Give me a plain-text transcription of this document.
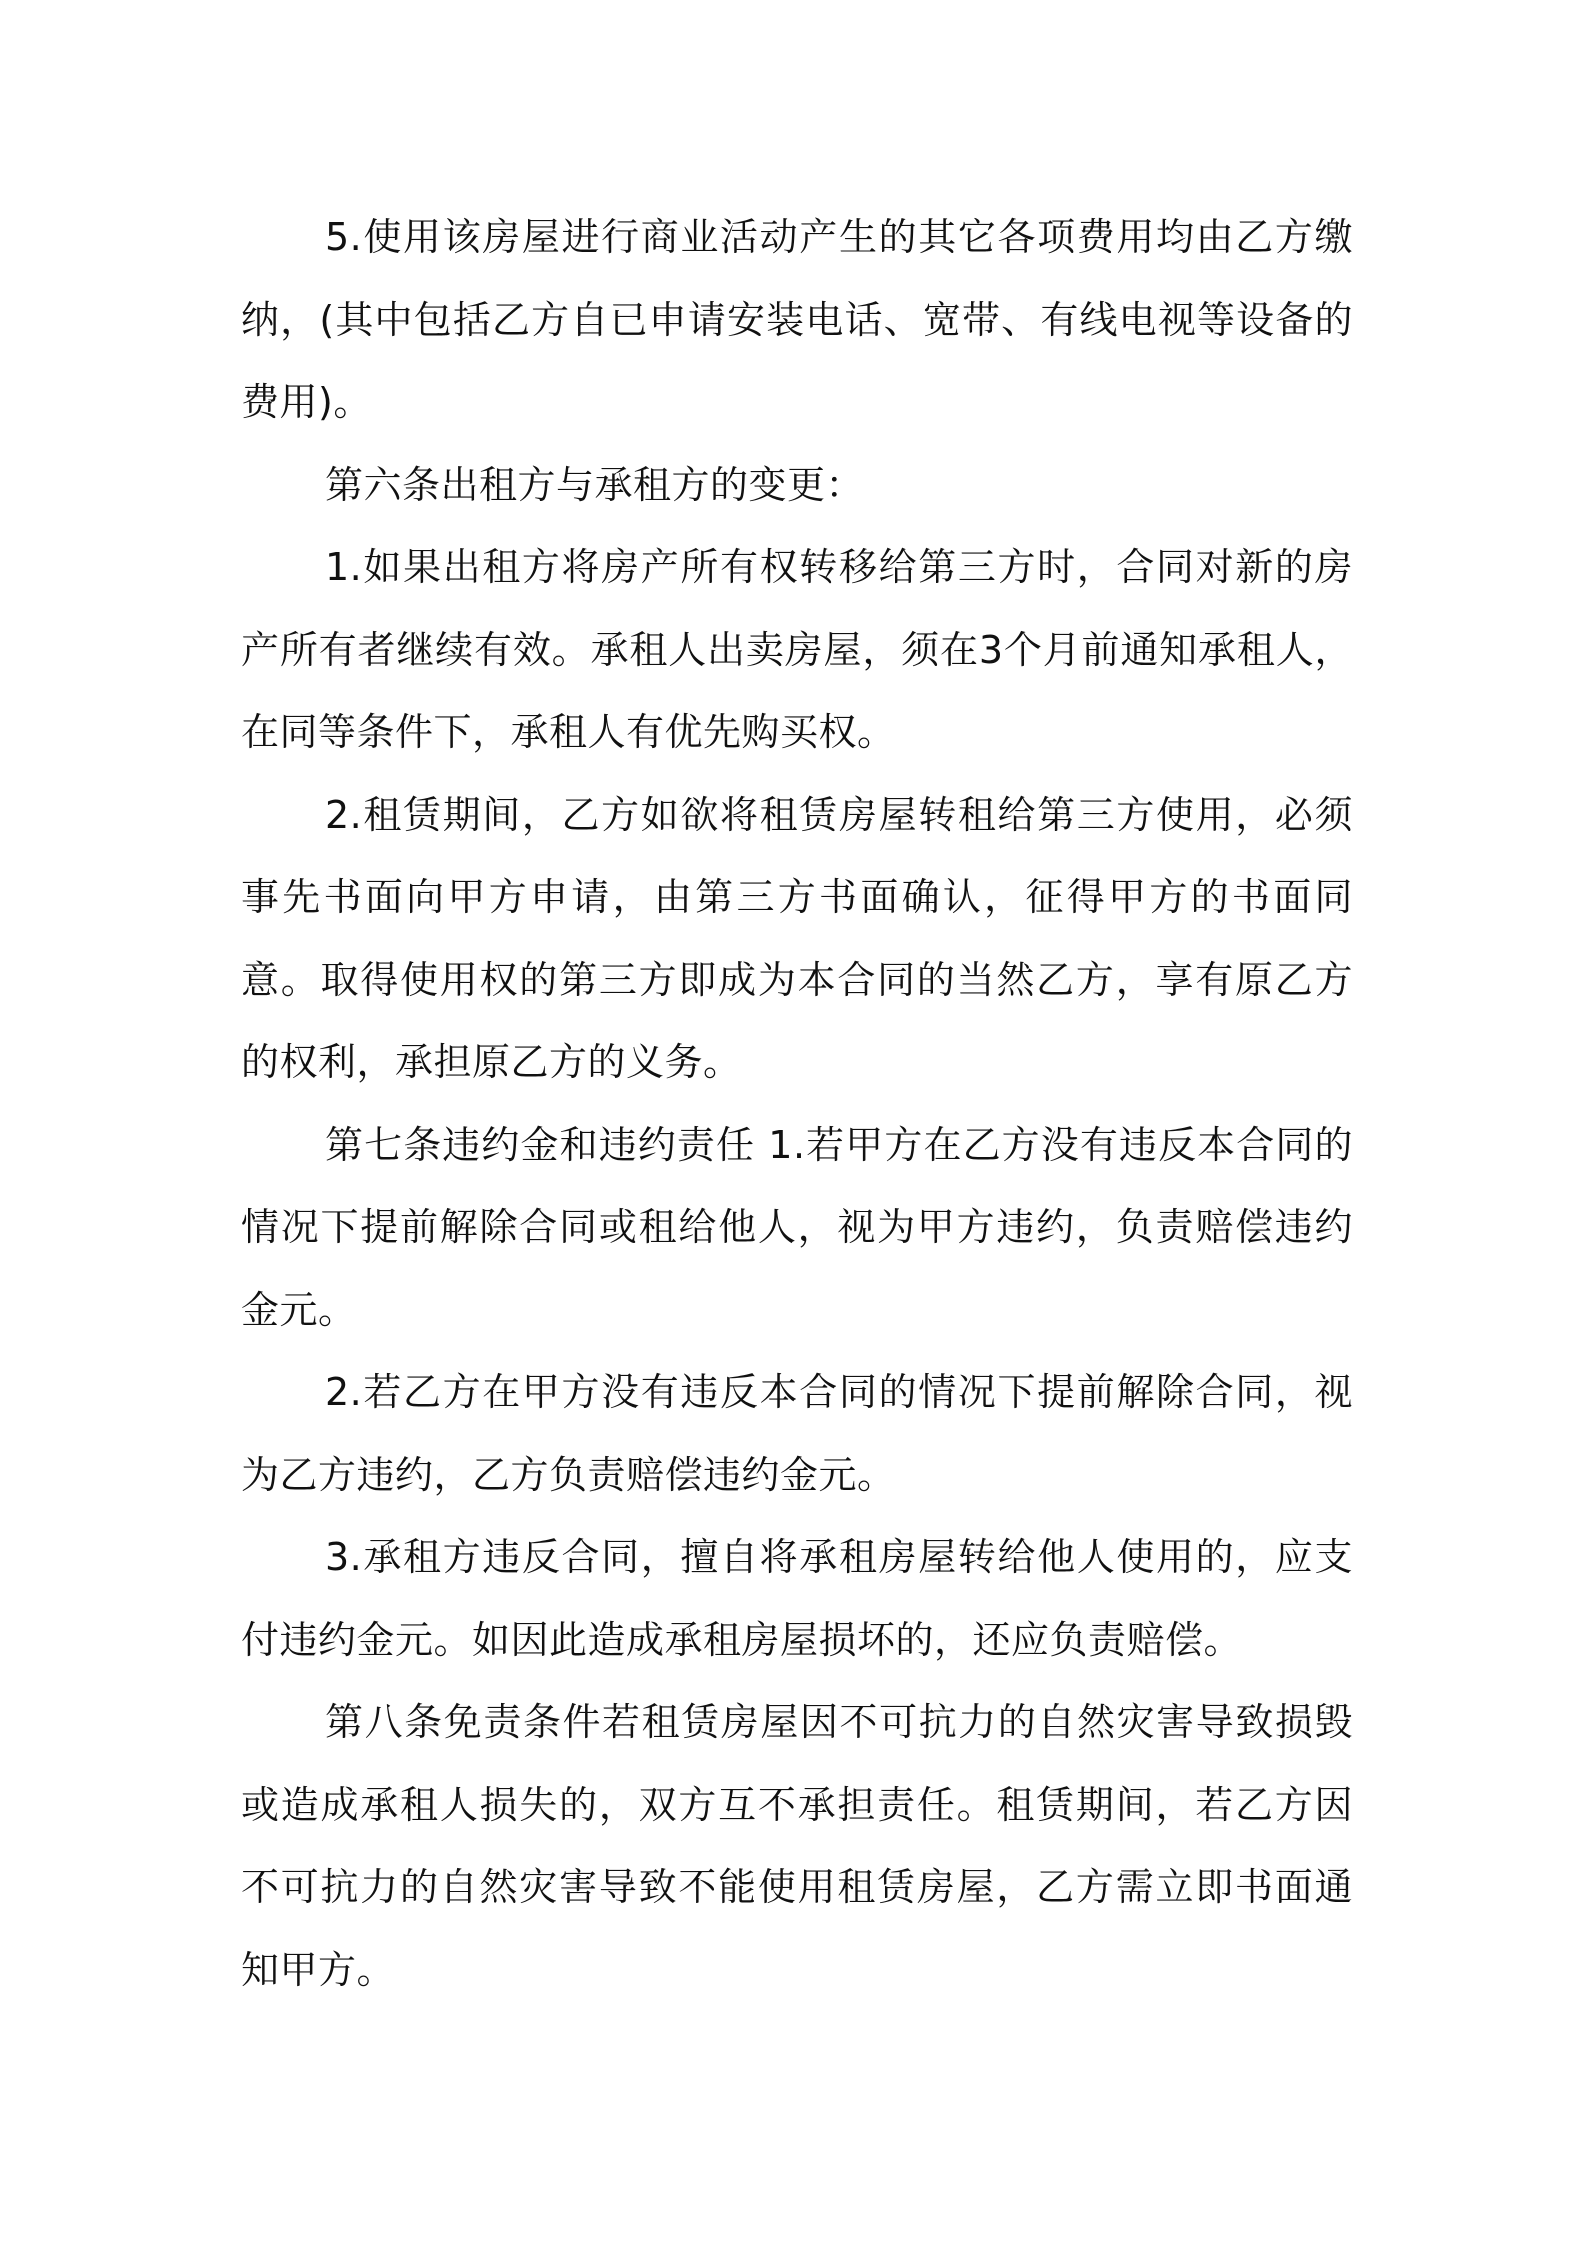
5.使用该房屋进行商业活动产生的其它各项费用均由乙方缴纳，(其中包括乙方自已申请安装电话、宽带、有线电视等设备的费用)。

第六条出租方与承租方的变更：

1.如果出租方将房产所有权转移给第三方时，合同对新的房产所有者继续有效。承租人出卖房屋，须在3个月前通知承租人，在同等条件下，承租人有优先购买权。

2.租赁期间，乙方如欲将租赁房屋转租给第三方使用，必须事先书面向甲方申请，由第三方书面确认，征得甲方的书面同意。取得使用权的第三方即成为本合同的当然乙方，享有原乙方的权利，承担原乙方的义务。

第七条违约金和违约责任 1.若甲方在乙方没有违反本合同的情况下提前解除合同或租给他人，视为甲方违约，负责赔偿违约金元。

2.若乙方在甲方没有违反本合同的情况下提前解除合同，视为乙方违约，乙方负责赔偿违约金元。

3.承租方违反合同，擅自将承租房屋转给他人使用的，应支付违约金元。如因此造成承租房屋损坏的，还应负责赔偿。

第八条免责条件若租赁房屋因不可抗力的自然灾害导致损毁或造成承租人损失的，双方互不承担责任。租赁期间，若乙方因不可抗力的自然灾害导致不能使用租赁房屋，乙方需立即书面通知甲方。
